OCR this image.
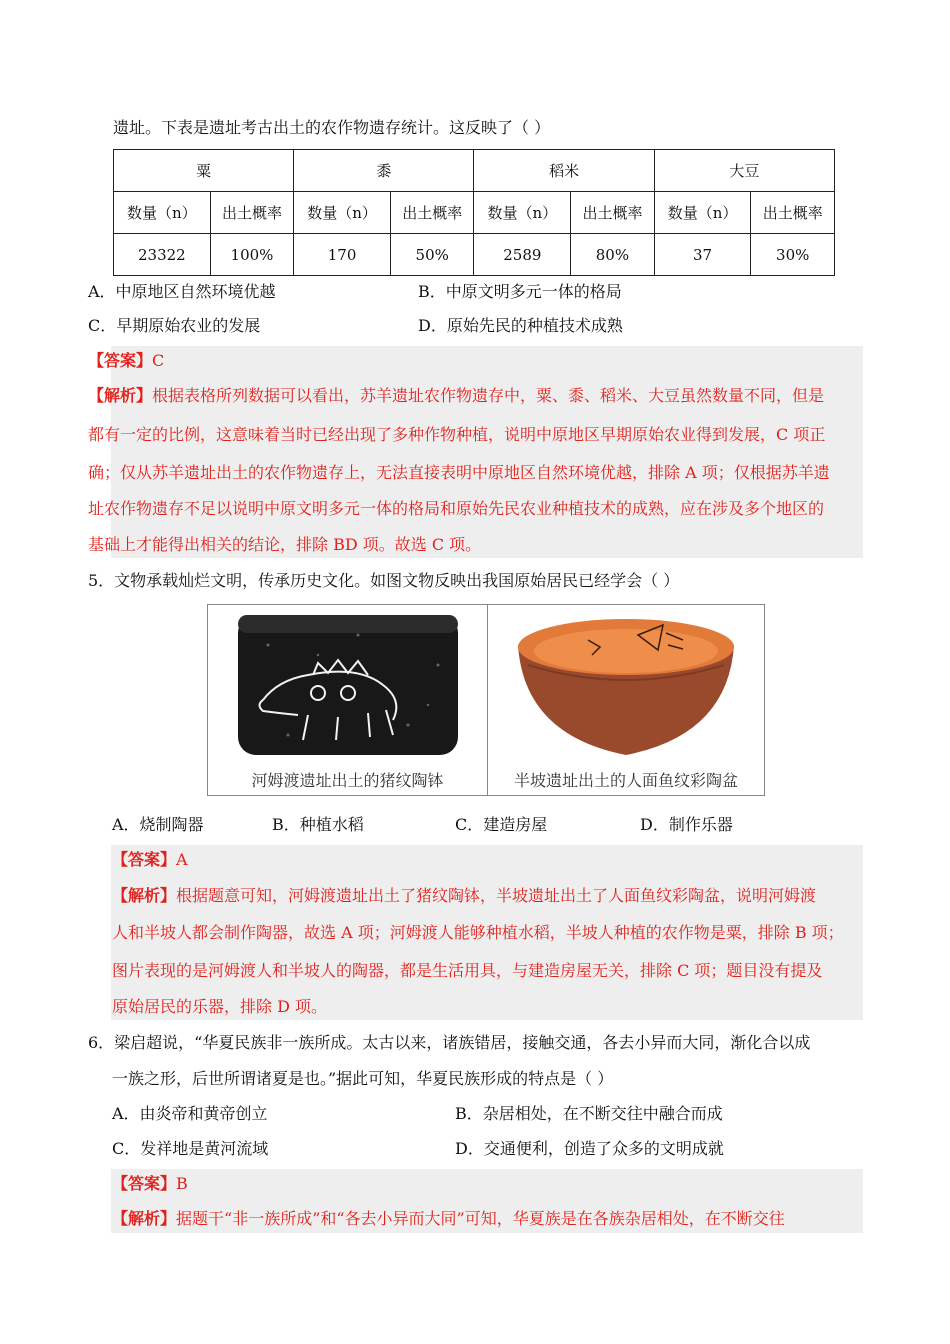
遗址。下表是遗址考古出土的农作物遗存统计。这反映了（ ）
粟		黍		稻米		大豆	
数量（n）	出土概率	数量（n）	出土概率	数量（n）	出土概率	数量（n）	出土概率
23322	100%	170	50%	2589	80%	37	30%
A．中原地区自然环境优越	B．中原文明多元一体的格局
C．早期原始农业的发展	D．原始先民的种植技术成熟
【答案】C
【解析】根据表格所列数据可以看出，苏羊遗址农作物遗存中，粟、黍、稻米、大豆虽然数量不同，但是
都有一定的比例，这意味着当时已经出现了多种作物种植，说明中原地区早期原始农业得到发展，C 项正
确；仅从苏羊遗址出土的农作物遗存上，无法直接表明中原地区自然环境优越，排除 A 项；仅根据苏羊遗
址农作物遗存不足以说明中原文明多元一体的格局和原始先民农业种植技术的成熟，应在涉及多个地区的
基础上才能得出相关的结论，排除 BD 项。故选 C 项。
5．文物承载灿烂文明，传承历史文化。如图文物反映出我国原始居民已经学会（ ）
河姆渡遗址出土的猪纹陶钵	半坡遗址出土的人面鱼纹彩陶盆
A．烧制陶器	B．种植水稻	C．建造房屋	D．制作乐器
【答案】A
【解析】根据题意可知，河姆渡遗址出土了猪纹陶钵，半坡遗址出土了人面鱼纹彩陶盆，说明河姆渡
人和半坡人都会制作陶器，故选 A 项；河姆渡人能够种植水稻，半坡人种植的农作物是粟，排除 B 项；
图片表现的是河姆渡人和半坡人的陶器，都是生活用具，与建造房屋无关，排除 C 项；题目没有提及
原始居民的乐器，排除 D 项。
6．梁启超说，“华夏民族非一族所成。太古以来，诸族错居，接触交通，各去小异而大同，渐化合以成
一族之形，后世所谓诸夏是也。”据此可知，华夏民族形成的特点是（ ）
A．由炎帝和黄帝创立	B．杂居相处，在不断交往中融合而成
C．发祥地是黄河流域	D．交通便利，创造了众多的文明成就
【答案】B
【解析】据题干“非一族所成”和“各去小异而大同”可知，华夏族是在各族杂居相处，在不断交往
